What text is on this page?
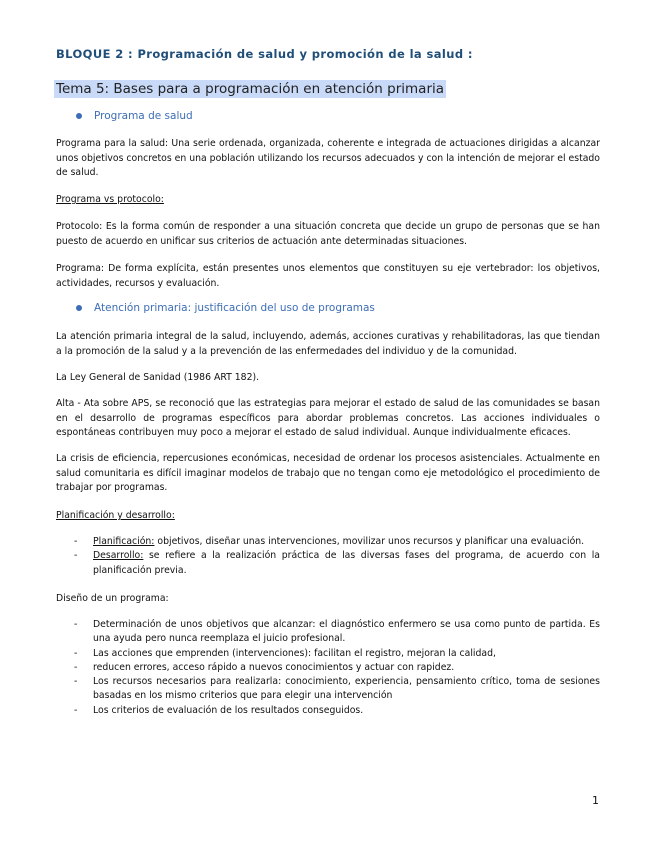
BLOQUE 2 : Programación de salud y promoción de la salud :
Tema 5: Bases para a programación en atención primaria
Programa de salud

Programa para la salud: Una serie ordenada, organizada, coherente e integrada de actuaciones dirigidas a alcanzar unos objetivos concretos en una población utilizando los recursos adecuados y con la intención de mejorar el estado de salud.

Programa vs protocolo:

Protocolo: Es la forma común de responder a una situación concreta que decide un grupo de personas que se han puesto de acuerdo en unificar sus criterios de actuación ante determinadas situaciones.

Programa: De forma explícita, están presentes unos elementos que constituyen su eje vertebrador: los objetivos, actividades, recursos y evaluación.

Atención primaria: justificación del uso de programas

La atención primaria integral de la salud, incluyendo, además, acciones curativas y rehabilitadoras, las que tiendan a la promoción de la salud y a la prevención de las enfermedades del individuo y de la comunidad.

La Ley General de Sanidad (1986 ART 182).

Alta - Ata sobre APS, se reconoció que las estrategias para mejorar el estado de salud de las comunidades se basan en el desarrollo de programas específicos para abordar problemas concretos. Las acciones individuales o espontáneas contribuyen muy poco a mejorar el estado de salud individual. Aunque individualmente eficaces.

La crisis de eficiencia, repercusiones económicas, necesidad de ordenar los procesos asistenciales. Actualmente en salud comunitaria es difícil imaginar modelos de trabajo que no tengan como eje metodológico el procedimiento de trabajar por programas.

Planificación y desarrollo:

- Planificación: objetivos, diseñar unas intervenciones, movilizar unos recursos y planificar una evaluación.
- Desarrollo: se refiere a la realización práctica de las diversas fases del programa, de acuerdo con la planificación previa.

Diseño de un programa:

- Determinación de unos objetivos que alcanzar: el diagnóstico enfermero se usa como punto de partida. Es una ayuda pero nunca reemplaza el juicio profesional.
- Las acciones que emprenden (intervenciones): facilitan el registro, mejoran la calidad,
- reducen errores, acceso rápido a nuevos conocimientos y actuar con rapidez.
- Los recursos necesarios para realizarla: conocimiento, experiencia, pensamiento crítico, toma de sesiones basadas en los mismo criterios que para elegir una intervención
- Los criterios de evaluación de los resultados conseguidos.
1
